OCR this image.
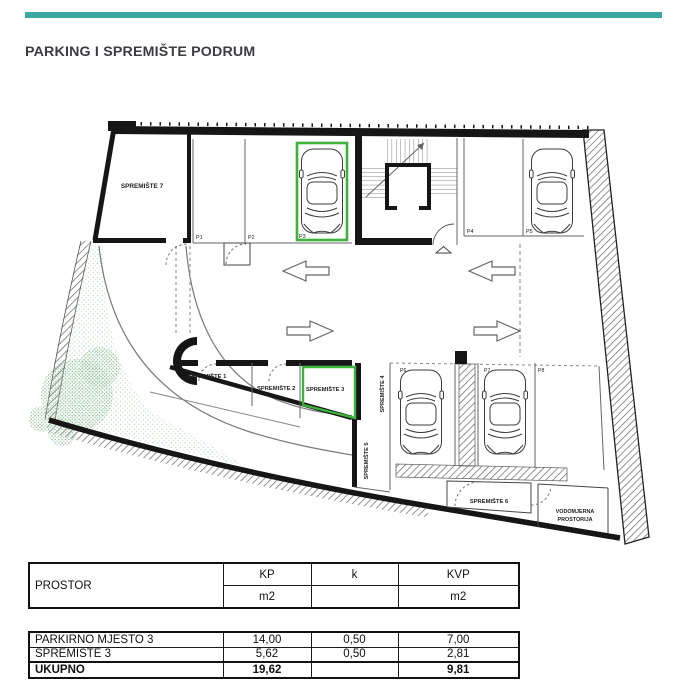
PARKING I SPREMIŠTE PODRUM
SPREMIŠTE 7
P1	P2	P3
P4	P5
P6	P7	P8
SPREMIŠTE 1
SPREMIŠTE 2 SPREMIŠTE 3	SPREMIŠTE 4
SPREMIŠTE 5
SPREMIŠTE 6
VODOMJERNA
PROSTORIJA
PROSTOR	KP	k	KVP
	m2		m2
PARKIRNO MJESTO 3	14,00	0,50	7,00
SPREMIŠTE 3	5,62	0,50	2,81
UKUPNO	19,62		9,81
